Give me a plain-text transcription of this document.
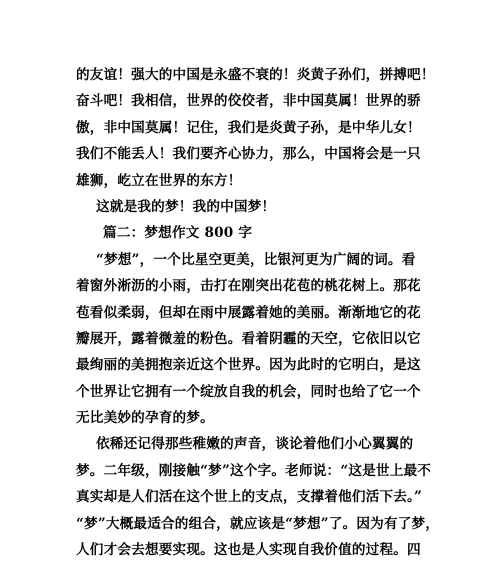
的友谊！强大的中国是永盛不衰的！炎黄子孙们，拼搏吧！
奋斗吧！我相信，世界的佼佼者，非中国莫属！世界的骄
傲，非中国莫属！记住，我们是炎黄子孙，是中华儿女！
我们不能丢人！我们要齐心协力，那么，中国将会是一只
雄狮，屹立在世界的东方！
这就是我的梦！我的中国梦！
篇二：梦想作文 800 字
“梦想”，一个比星空更美，比银河更为广阔的词。看
着窗外淅沥的小雨，击打在刚突出花苞的桃花树上。那花
苞看似柔弱，但却在雨中展露着她的美丽。渐渐地它的花
瓣展开，露着微羞的粉色。看着阴霾的天空，它依旧以它
最绚丽的美拥抱亲近这个世界。因为此时的它明白，是这
个世界让它拥有一个绽放自我的机会，同时也给了它一个
无比美妙的孕育的梦。
依稀还记得那些稚嫩的声音，谈论着他们小心翼翼的
梦。二年级，刚接触“梦”这个字。老师说：“这是世上最不
真实却是人们活在这个世上的支点，支撑着他们活下去。”
“梦”大概最适合的组合，就应该是“梦想”了。因为有了梦，
人们才会去想要实现。这也是人实现自我价值的过程。四
